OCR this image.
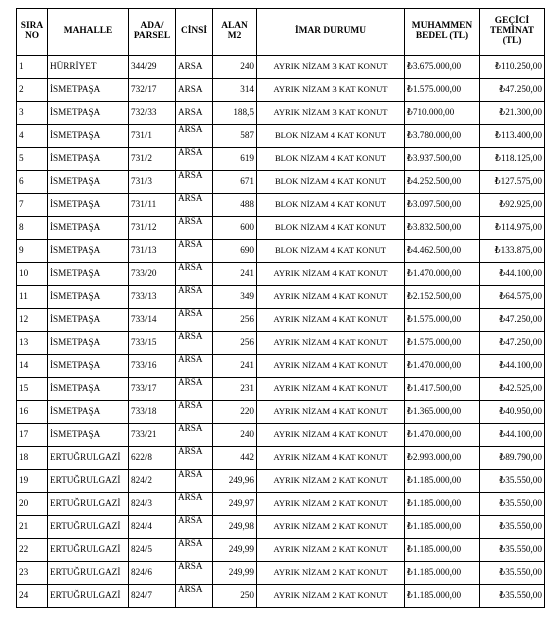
SIRA NO	MAHALLE	ADA/ PARSEL	CİNSİ	ALAN M2	İMAR DURUMU	MUHAMMEN BEDEL (TL)	GEÇİCİ TEMİNAT (TL)
1	HÜRRİYET	344/29	ARSA	240	AYRIK NİZAM 3 KAT KONUT	₺3.675.000,00	₺110.250,00
2	İSMETPAŞA	732/17	ARSA	314	AYRIK NİZAM 3 KAT KONUT	₺1.575.000,00	₺47.250,00
3	İSMETPAŞA	732/33	ARSA	188,5	AYRIK NİZAM 3 KAT KONUT	₺710.000,00	₺21.300,00
4	İSMETPAŞA	731/1	ARSA	587	BLOK NİZAM 4 KAT KONUT	₺3.780.000,00	₺113.400,00
5	İSMETPAŞA	731/2	ARSA	619	BLOK NİZAM 4 KAT KONUT	₺3.937.500,00	₺118.125,00
6	İSMETPAŞA	731/3	ARSA	671	BLOK NİZAM 4 KAT KONUT	₺4.252.500,00	₺127.575,00
7	İSMETPAŞA	731/11	ARSA	488	BLOK NİZAM 4 KAT KONUT	₺3.097.500,00	₺92.925,00
8	İSMETPAŞA	731/12	ARSA	600	BLOK NİZAM 4 KAT KONUT	₺3.832.500,00	₺114.975,00
9	İSMETPAŞA	731/13	ARSA	690	BLOK NİZAM 4 KAT KONUT	₺4.462.500,00	₺133.875,00
10	İSMETPAŞA	733/20	ARSA	241	AYRIK NİZAM 4 KAT KONUT	₺1.470.000,00	₺44.100,00
11	İSMETPAŞA	733/13	ARSA	349	AYRIK NİZAM 4 KAT KONUT	₺2.152.500,00	₺64.575,00
12	İSMETPAŞA	733/14	ARSA	256	AYRIK NİZAM 4 KAT KONUT	₺1.575.000,00	₺47.250,00
13	İSMETPAŞA	733/15	ARSA	256	AYRIK NİZAM 4 KAT KONUT	₺1.575.000,00	₺47.250,00
14	İSMETPAŞA	733/16	ARSA	241	AYRIK NİZAM 4 KAT KONUT	₺1.470.000,00	₺44.100,00
15	İSMETPAŞA	733/17	ARSA	231	AYRIK NİZAM 4 KAT KONUT	₺1.417.500,00	₺42.525,00
16	İSMETPAŞA	733/18	ARSA	220	AYRIK NİZAM 4 KAT KONUT	₺1.365.000,00	₺40.950,00
17	İSMETPAŞA	733/21	ARSA	240	AYRIK NİZAM 4 KAT KONUT	₺1.470.000,00	₺44.100,00
18	ERTUĞRULGAZİ	622/8	ARSA	442	AYRIK NİZAM 4 KAT KONUT	₺2.993.000,00	₺89.790,00
19	ERTUĞRULGAZİ	824/2	ARSA	249,96	AYRIK NİZAM 2 KAT KONUT	₺1.185.000,00	₺35.550,00
20	ERTUĞRULGAZİ	824/3	ARSA	249,97	AYRIK NİZAM 2 KAT KONUT	₺1.185.000,00	₺35.550,00
21	ERTUĞRULGAZİ	824/4	ARSA	249,98	AYRIK NİZAM 2 KAT KONUT	₺1.185.000,00	₺35.550,00
22	ERTUĞRULGAZİ	824/5	ARSA	249,99	AYRIK NİZAM 2 KAT KONUT	₺1.185.000,00	₺35.550,00
23	ERTUĞRULGAZİ	824/6	ARSA	249,99	AYRIK NİZAM 2 KAT KONUT	₺1.185.000,00	₺35.550,00
24	ERTUĞRULGAZİ	824/7	ARSA	250	AYRIK NİZAM 2 KAT KONUT	₺1.185.000,00	₺35.550,00
